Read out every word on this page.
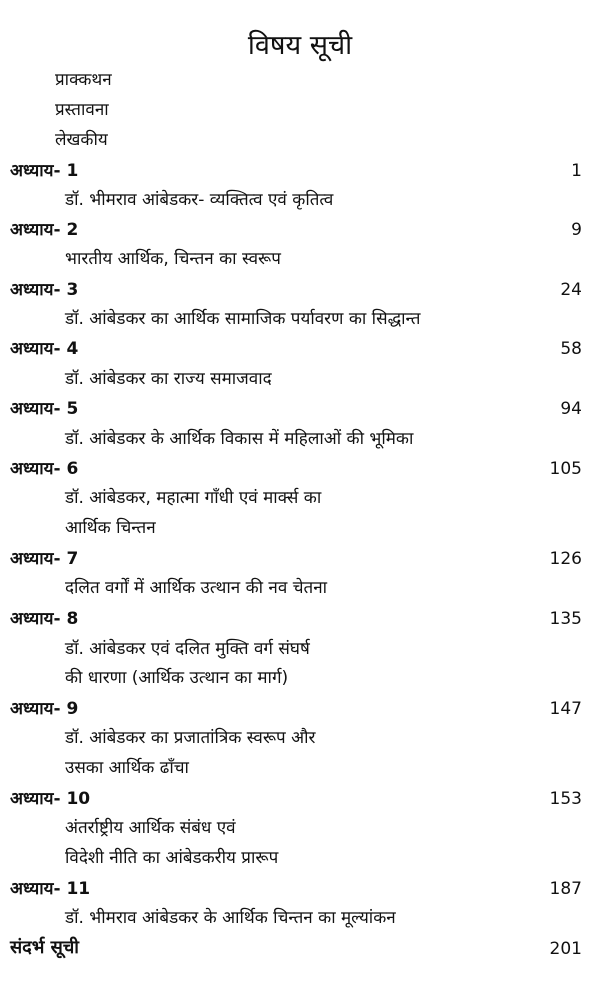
विषय सूची
प्राक्कथन
प्रस्तावना
लेखकीय
अध्याय- 1	1
डॉ. भीमराव आंबेडकर- व्यक्तित्व एवं कृतित्व
अध्याय- 2	9
भारतीय आर्थिक, चिन्तन का स्वरूप
अध्याय- 3	24
डॉ. आंबेडकर का आर्थिक सामाजिक पर्यावरण का सिद्धान्त
अध्याय- 4	58
डॉ. आंबेडकर का राज्य समाजवाद
अध्याय- 5	94
डॉ. आंबेडकर के आर्थिक विकास में महिलाओं की भूमिका
अध्याय- 6	105
डॉ. आंबेडकर, महात्मा गाँधी एवं मार्क्स का
आर्थिक चिन्तन
अध्याय- 7	126
दलित वर्गों में आर्थिक उत्थान की नव चेतना
अध्याय- 8	135
डॉ. आंबेडकर एवं दलित मुक्ति वर्ग संघर्ष
की धारणा (आर्थिक उत्थान का मार्ग)
अध्याय- 9	147
डॉ. आंबेडकर का प्रजातांत्रिक स्वरूप और
उसका आर्थिक ढाँचा
अध्याय- 10	153
अंतर्राष्ट्रीय आर्थिक संबंध एवं
विदेशी नीति का आंबेडकरीय प्रारूप
अध्याय- 11	187
डॉ. भीमराव आंबेडकर के आर्थिक चिन्तन का मूल्यांकन
संदर्भ सूची	201
